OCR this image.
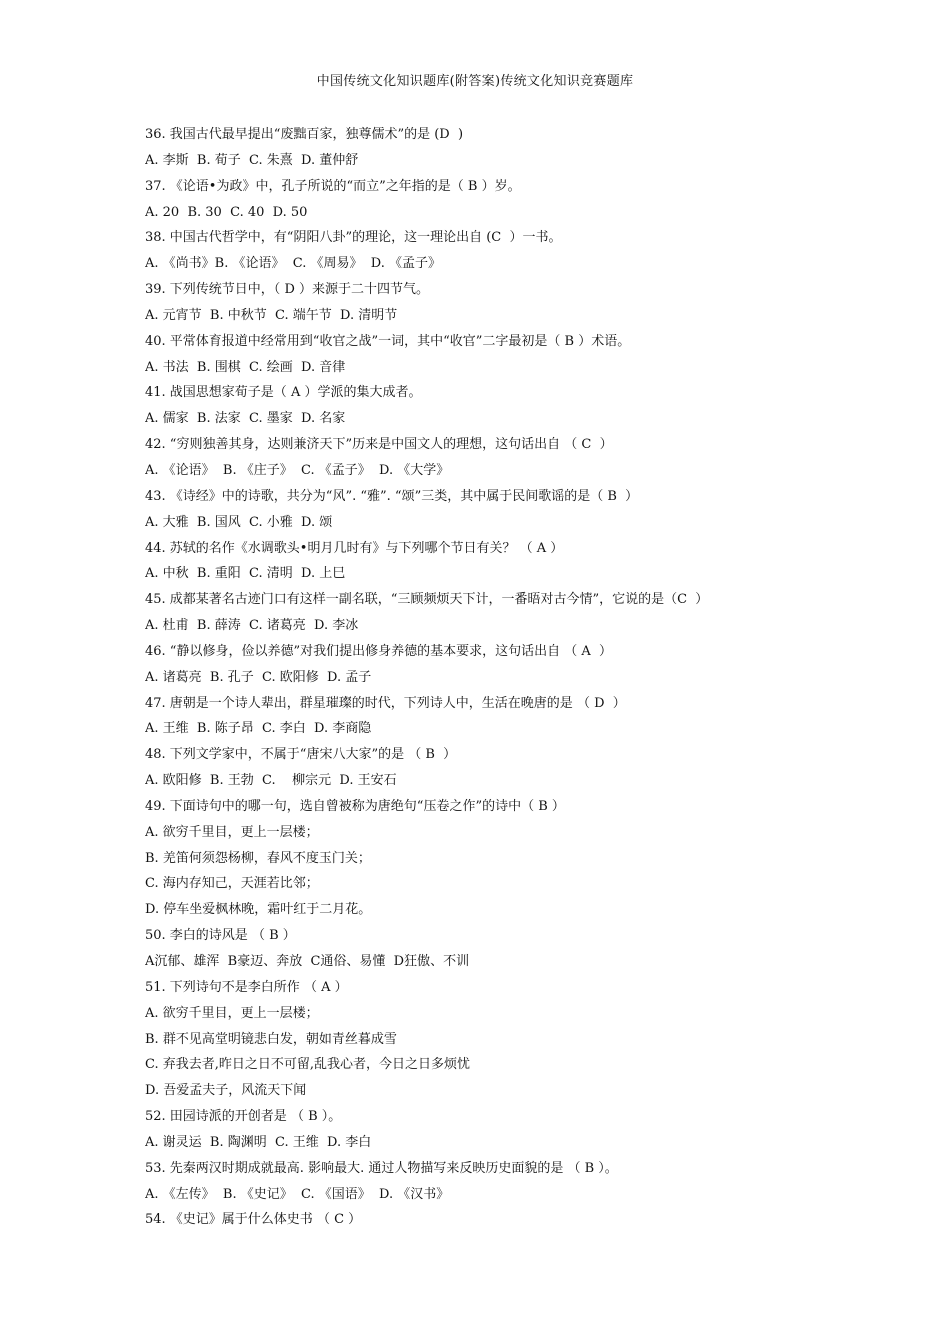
中国传统文化知识题库(附答案)传统文化知识竞赛题库
36. 我国古代最早提出“废黜百家，独尊儒术”的是 (D  )
A. 李斯  B. 荀子  C. 朱熹  D. 董仲舒
37. 《论语•为政》中，孔子所说的“而立”之年指的是（ B ）岁。
A. 20  B. 30  C. 40  D. 50
38. 中国古代哲学中，有“阴阳八卦”的理论，这一理论出自 (C  ）一书。
A. 《尚书》B. 《论语》  C. 《周易》  D. 《孟子》
39. 下列传统节日中，（ D ）来源于二十四节气。
A. 元宵节  B. 中秋节  C. 端午节  D. 清明节
40. 平常体育报道中经常用到“收官之战”一词，其中“收官”二字最初是（ B ）术语。
A. 书法  B. 围棋  C. 绘画  D. 音律
41. 战国思想家荀子是（ A ）学派的集大成者。
A. 儒家  B. 法家  C. 墨家  D. 名家
42. “穷则独善其身，达则兼济天下”历来是中国文人的理想，这句话出自 （ C  ）
A. 《论语》  B. 《庄子》  C. 《孟子》  D. 《大学》
43. 《诗经》中的诗歌，共分为“风”. “雅”. “颂”三类，其中属于民间歌谣的是（ B  ）
A. 大雅  B. 国风  C. 小雅  D. 颂
44. 苏轼的名作《水调歌头•明月几时有》与下列哪个节日有关？ （ A ）
A. 中秋  B. 重阳  C. 清明  D. 上巳
45. 成都某著名古迹门口有这样一副名联，“三顾频烦天下计，一番晤对古今情”，它说的是（C  ）
A. 杜甫  B. 薛涛  C. 诸葛亮  D. 李冰
46. “静以修身，俭以养德”对我们提出修身养德的基本要求，这句话出自 （ A  ）
A. 诸葛亮  B. 孔子  C. 欧阳修  D. 孟子
47. 唐朝是一个诗人辈出，群星璀璨的时代，下列诗人中，生活在晚唐的是 （ D  ）
A. 王维  B. 陈子昂  C. 李白  D. 李商隐
48. 下列文学家中，不属于“唐宋八大家”的是 （ B  ）
A. 欧阳修  B. 王勃  C.    柳宗元  D. 王安石
49. 下面诗句中的哪一句，选自曾被称为唐绝句“压卷之作”的诗中（ B ）
A. 欲穷千里目，更上一层楼；
B. 羌笛何须怨杨柳，春风不度玉门关；
C. 海内存知己，天涯若比邻；
D. 停车坐爱枫林晚，霜叶红于二月花。
50. 李白的诗风是 （ B ）
A沉郁、雄浑  B豪迈、奔放  C通俗、易懂  D狂傲、不训
51. 下列诗句不是李白所作 （ A ）
A. 欲穷千里目，更上一层楼；
B. 群不见高堂明镜悲白发，朝如青丝暮成雪
C. 弃我去者,昨日之日不可留,乱我心者，今日之日多烦忧
D. 吾爱孟夫子，风流天下闻
52. 田园诗派的开创者是 （ B ）。
A. 谢灵运  B. 陶渊明  C. 王维  D. 李白
53. 先秦两汉时期成就最高. 影响最大. 通过人物描写来反映历史面貌的是 （ B ）。
A. 《左传》  B. 《史记》  C. 《国语》  D. 《汉书》
54. 《史记》属于什么体史书 （ C ）
